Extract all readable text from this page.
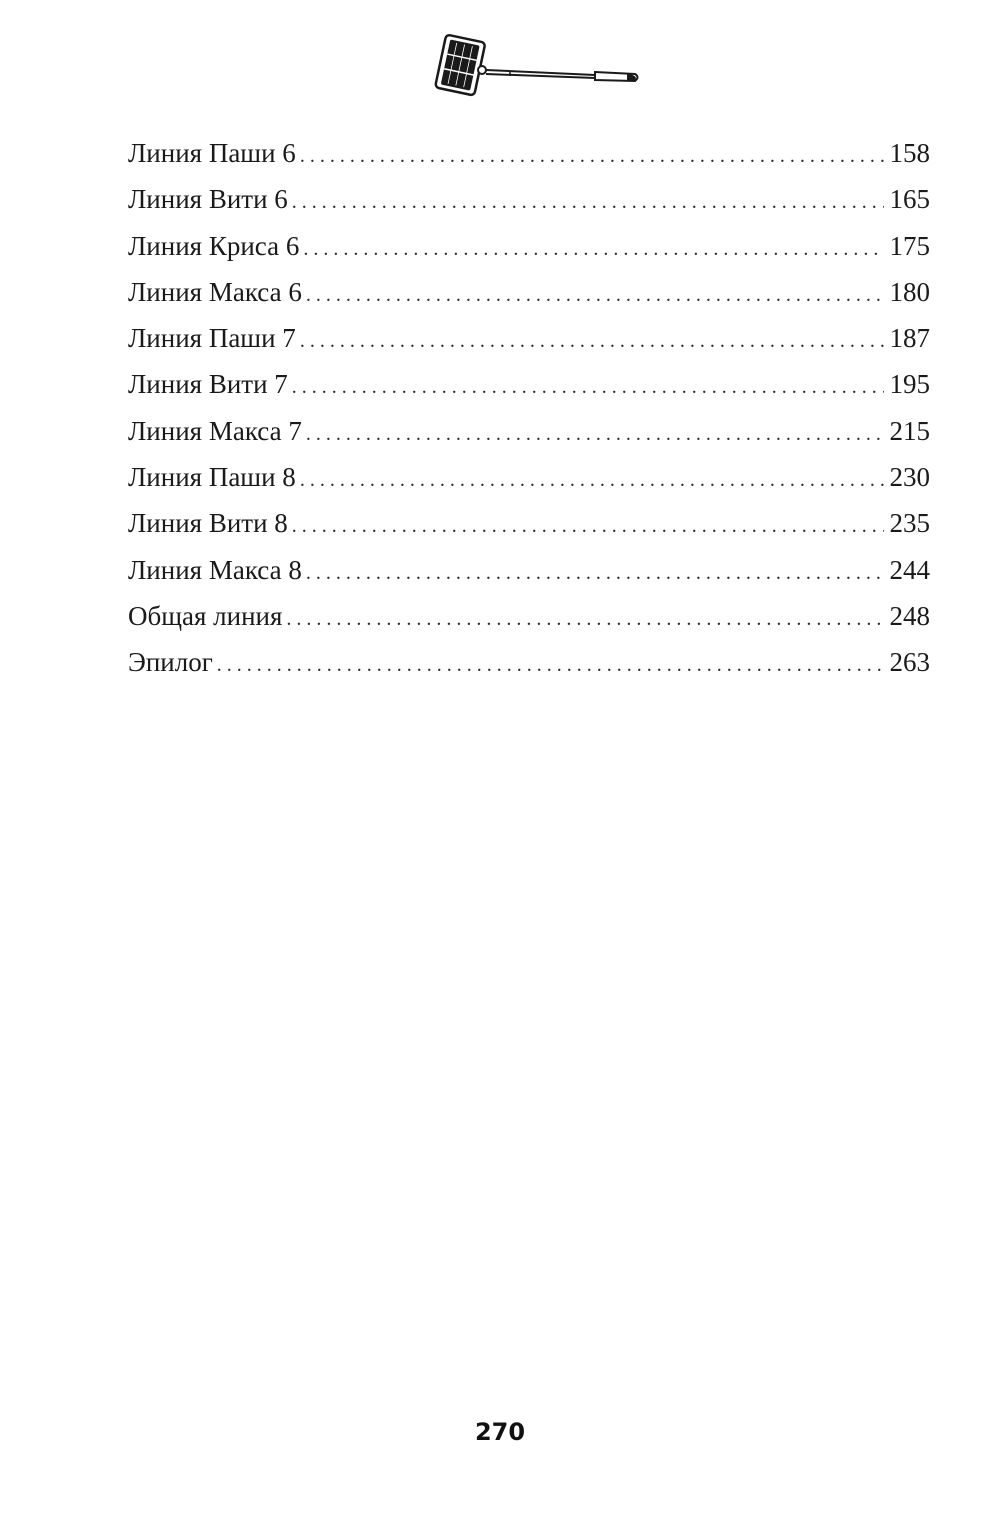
Линия Паши 6 . . .	158
Линия Вити 6 . . .	165
Линия Криса 6 . . .	175
Линия Макса 6 . . .	180
Линия Паши 7 . . .	187
Линия Вити 7 . . .	195
Линия Макса 7 . . .	215
Линия Паши 8 . . .	230
Линия Вити 8 . . .	235
Линия Макса 8 . . .	244
Общая линия . . .	248
Эпилог . . .	263
270
